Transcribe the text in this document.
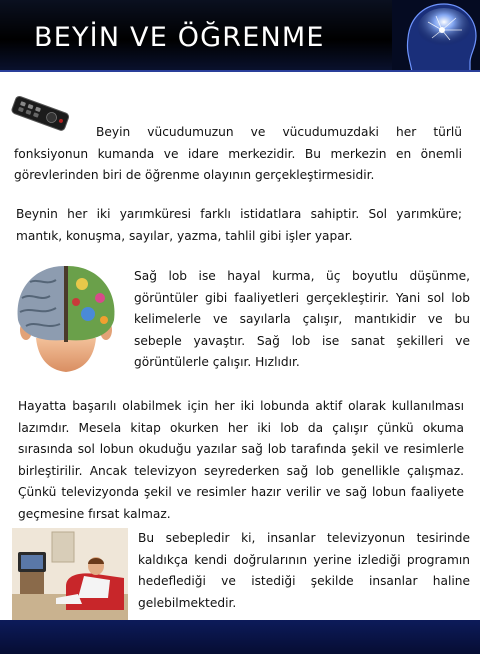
BEYİN VE ÖĞRENME

Beyin vücudumuzun ve vücudumuzdaki her türlü fonksiyonun kumanda ve idare merkezidir. Bu merkezin en önemli görevlerinden biri de öğrenme olayının gerçekleştirmesidir.

Beynin her iki yarımküresi farklı istidatlara sahiptir. Sol yarımküre; mantık, konuşma, sayılar, yazma, tahlil gibi işler yapar.

Sağ lob ise hayal kurma, üç boyutlu düşünme, görüntüler gibi faaliyetleri gerçekleştirir. Yani sol lob kelimelerle ve sayılarla çalışır, mantıkidir ve bu sebeple yavaştır. Sağ lob ise sanat şekilleri ve görüntülerle çalışır. Hızlıdır.

Hayatta başarılı olabilmek için her iki lobunda aktif olarak kullanılması lazımdır. Mesela kitap okurken her iki lob da çalışır çünkü okuma sırasında sol lobun okuduğu yazılar sağ lob tarafında şekil ve resimlerle birleştirilir. Ancak televizyon seyrederken sağ lob genellikle çalışmaz. Çünkü televizyonda şekil ve resimler hazır verilir ve sağ lobun faaliyete geçmesine fırsat kalmaz.

Bu sebepledir ki, insanlar televizyonun tesirinde kaldıkça kendi doğrularının yerine izlediği programın hedeflediği ve istediği şekilde insanlar haline gelebilmektedir.
